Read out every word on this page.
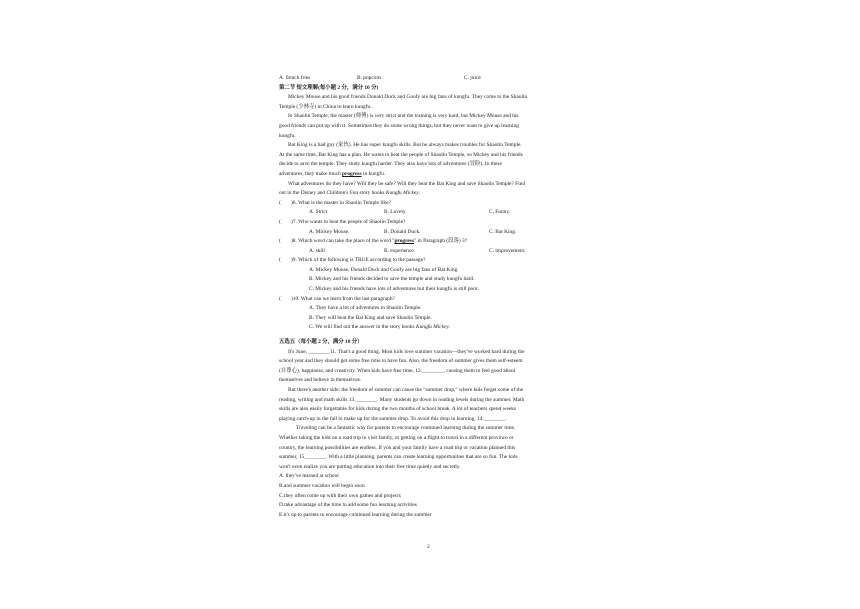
A. french fries	B. popcorn	C. juice
第二节 短文理解(每小题 2 分，满分 10 分)
Mickey Mouse and his good friends Donald Duck and Goofy are big fans of kungfu. They come to the Shaolin
Temple (少林寺) in China to learn kungfu.
In Shaolin Temple, the master (师傅) is very strict and the training is very hard, but Mickey Mouse and his
good friends can put up with it. Sometimes they do some wrong things, but they never want to give up learning
kungfu.
Bat King is a bad guy (家伙). He has super kungfu skills. But he always makes troubles for Shaolin Temple.
At the same time, Bat King has a plan. He wants to beat the people of Shaolin Temple, so Mickey and his friends
decide to save the temple. They study kungfu harder. They also have lots of adventures (冒险). In these
adventures, they make much progress in kungfu.
What adventures do they have? Will they be safe? Will they beat the Bat King and save Shaolin Temple? Find
out in the Disney and Children's Fun story books Kungfu Mickey.
( )6. What is the master in Shaolin Temple like?
A. Strict.	B. Lovely.	C. Funny.
( )7. Who wants to beat the people of Shaolin Temple?
A. Mickey Mouse.	B. Donald Duck.	C. Bat King.
( )8. Which word can take the place of the word "progress" in Paragraph (段落) 3?
A. skill	B. experience.	C. improvement.
( )9. Which of the following is TRUE according to the passage?
A. Mickey Mouse, Donald Duck and Goofy are big fans of Bat King.
B. Mickey and his friends decided to save the temple and study kungfu hard.
C. Mickey and his friends have lots of adventures but their kungfu is still poor.
( )10. What can we learn from the last paragraph?
A. They have a lot of adventures in Shaolin Temple.
B. They will beat the Bat King and save Shaolin Temple.
C. We will find out the answer in the story books Kungfu Mickey.
五选五（每小题 2 分，满分 10 分）
It's June, ________11. That's a good thing. Most kids love summer vacation—they've worked hard during the
school year and they should get some free time to have fun. Also, the freedom of summer gives them self-esteem
(自尊心), happiness, and creativity. When kids have free time, 12.________, causing them to feel good about
themselves and believe in themselves.
But there's another side: the freedom of summer can cause the "summer drop," where kids forget some of the
reading, writing and math skills 13.________. Many students go down in reading levels during the summer. Math
skills are also easily forgettable for kids during the two months of school break. A lot of teachers spend weeks
playing catch-up in the fall to make up for the summer drop. To avoid this drop in learning, 14.________.
Traveling can be a fantastic way for parents to encourage continued learning during the summer time.
Whether taking the kids on a road trip to visit family, or getting on a flight to travel in a different province or
country, the learning possibilities are endless. If you and your family have a road trip or vacation planned this
summer, 15________. With a little planning, parents can create learning opportunities that are so fun. The kids
won't even realize you are putting education into their free time quietly and secretly.
A. they've learned at school
B.and summer vacation will begin soon
C.they often come up with their own games and projects
D.take advantage of the time to add some fun learning activities
E.it's up to parents to encourage continued learning during the summer
2
